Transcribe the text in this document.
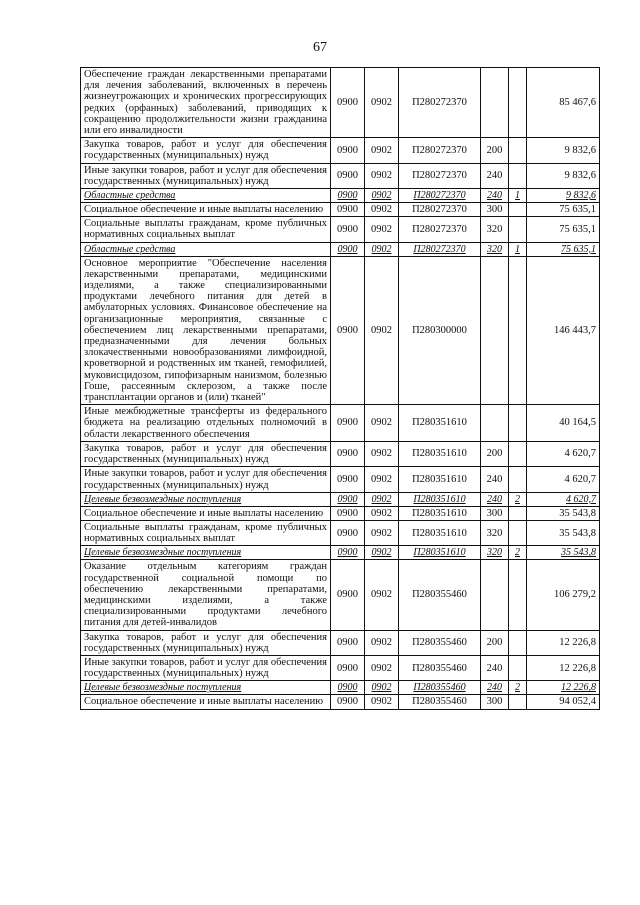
67
Обеспечение граждан лекарственными препаратами для лечения заболеваний, включенных в перечень жизнеугрожающих и хронических прогрессирующих редких (орфанных) заболеваний, приводящих к сокращению продолжительности жизни гражданина или его инвалидности	0900	0902	П280272370			85 467,6
Закупка товаров, работ и услуг для обеспечения государственных (муниципальных) нужд	0900	0902	П280272370	200		9 832,6
Иные закупки товаров, работ и услуг для обеспечения государственных (муниципальных) нужд	0900	0902	П280272370	240		9 832,6
Областные средства	0900	0902	П280272370	240	1	9 832,6
Социальное обеспечение и иные выплаты населению	0900	0902	П280272370	300		75 635,1
Социальные выплаты гражданам, кроме публичных нормативных социальных выплат	0900	0902	П280272370	320		75 635,1
Областные средства	0900	0902	П280272370	320	1	75 635,1
Основное мероприятие "Обеспечение населения лекарственными препаратами, медицинскими изделиями, а также специализированными продуктами лечебного питания для детей в амбулаторных условиях. Финансовое обеспечение на организационные мероприятия, связанные с обеспечением лиц лекарственными препаратами, предназначенными для лечения больных злокачественными новообразованиями лимфоидной, кроветворной и родственных им тканей, гемофилией, муковисцидозом, гипофизарным нанизмом, болезнью Гоше, рассеянным склерозом, а также после трансплантации органов и (или) тканей"	0900	0902	П280300000			146 443,7
Иные межбюджетные трансферты из федерального бюджета на реализацию отдельных полномочий в области лекарственного обеспечения	0900	0902	П280351610			40 164,5
Закупка товаров, работ и услуг для обеспечения государственных (муниципальных) нужд	0900	0902	П280351610	200		4 620,7
Иные закупки товаров, работ и услуг для обеспечения государственных (муниципальных) нужд	0900	0902	П280351610	240		4 620,7
Целевые безвозмездные поступления	0900	0902	П280351610	240	2	4 620,7
Социальное обеспечение и иные выплаты населению	0900	0902	П280351610	300		35 543,8
Социальные выплаты гражданам, кроме публичных нормативных социальных выплат	0900	0902	П280351610	320		35 543,8
Целевые безвозмездные поступления	0900	0902	П280351610	320	2	35 543,8
Оказание отдельным категориям граждан государственной социальной помощи по обеспечению лекарственными препаратами, медицинскими изделиями, а также специализированными продуктами лечебного питания для детей-инвалидов	0900	0902	П280355460			106 279,2
Закупка товаров, работ и услуг для обеспечения государственных (муниципальных) нужд	0900	0902	П280355460	200		12 226,8
Иные закупки товаров, работ и услуг для обеспечения государственных (муниципальных) нужд	0900	0902	П280355460	240		12 226,8
Целевые безвозмездные поступления	0900	0902	П280355460	240	2	12 226,8
Социальное обеспечение и иные выплаты населению	0900	0902	П280355460	300		94 052,4
